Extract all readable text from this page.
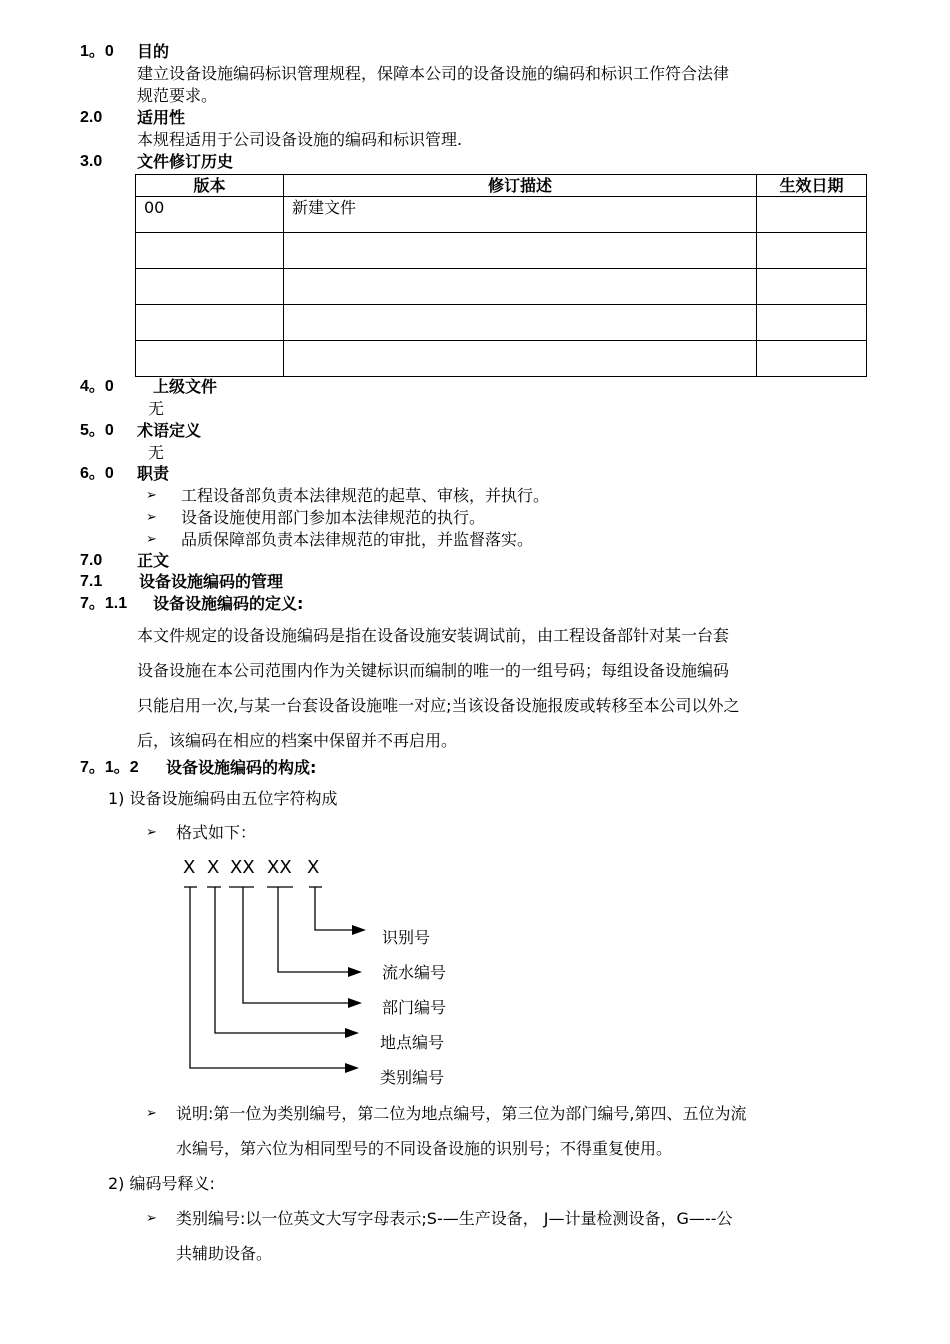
1。0 目的
建立设备设施编码标识管理规程，保障本公司的设备设施的编码和标识工作符合法律
规范要求。
2.0 适用性
本规程适用于公司设备设施的编码和标识管理.
3.0 文件修订历史
版本	修订描述	生效日期
00	新建文件	

4。0 上级文件
无
5。0 术语定义
无
6。0 职责
➢ 工程设备部负责本法律规范的起草、审核，并执行。
➢ 设备设施使用部门参加本法律规范的执行。
➢ 品质保障部负责本法律规范的审批，并监督落实。
7.0 正文
7.1 设备设施编码的管理
7。1.1 设备设施编码的定义:
本文件规定的设备设施编码是指在设备设施安装调试前，由工程设备部针对某一台套
设备设施在本公司范围内作为关键标识而编制的唯一的一组号码；每组设备设施编码
只能启用一次,与某一台套设备设施唯一对应;当该设备设施报废或转移至本公司以外之
后，该编码在相应的档案中保留并不再启用。
7。1。2 设备设施编码的构成:
1) 设备设施编码由五位字符构成
➢ 格式如下：
X X XX XX X
识别号
流水编号
部门编号
地点编号
类别编号
➢ 说明:第一位为类别编号，第二位为地点编号，第三位为部门编号,第四、五位为流
水编号，第六位为相同型号的不同设备设施的识别号；不得重复使用。
2) 编码号释义:
➢ 类别编号:以一位英文大写字母表示;S-—生产设备， J—计量检测设备，G—--公
共辅助设备。
